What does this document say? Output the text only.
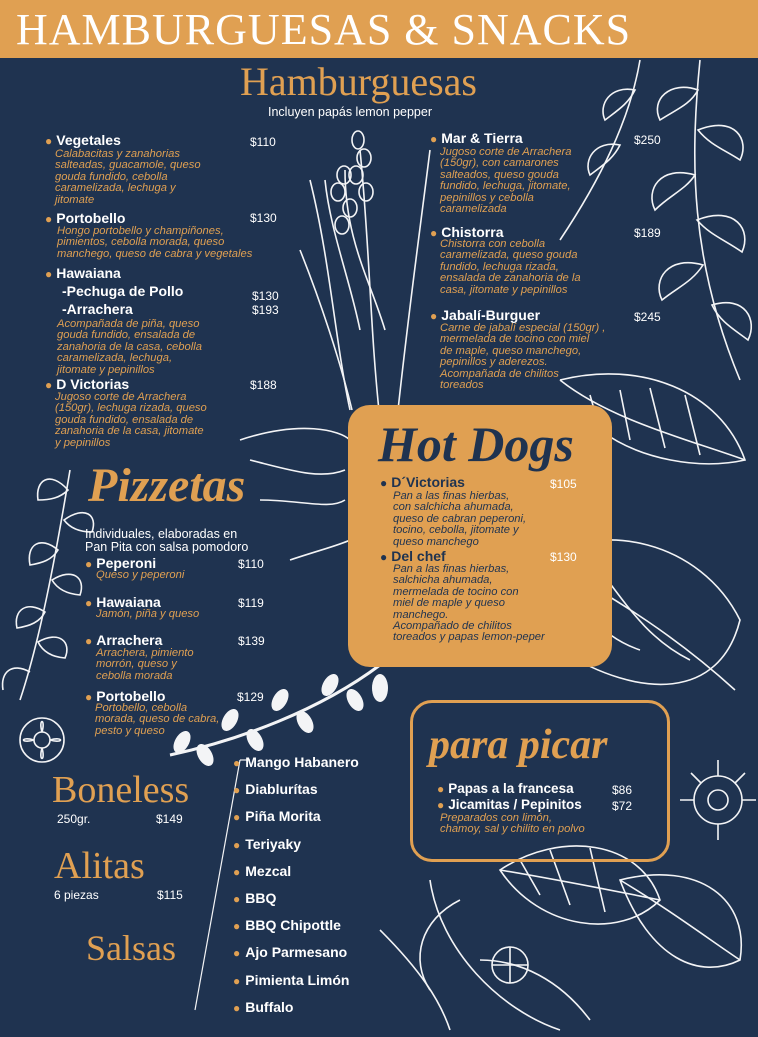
HAMBURGUESAS & SNACKS
Hamburguesas
Incluyen papás lemon pepper
● Vegetales	$110
Calabacitas y zanahorias
salteadas, guacamole, queso
gouda fundido, cebolla
caramelizada, lechuga y
jitomate
● Portobello	$130
Hongo portobello y champiñones,
pimientos, cebolla morada, queso
manchego, queso de cabra y vegetales
● Hawaiana
-Pechuga de Pollo	$130
-Arrachera	$193
Acompañada de piña, queso
gouda fundido, ensalada de
zanahoria de la casa, cebolla
caramelizada, lechuga,
jitomate y pepinillos
● D Victorias	$188
Jugoso corte de Arrachera
(150gr), lechuga rizada, queso
gouda fundido, ensalada de
zanahoria de la casa, jitomate
y pepinillos
● Mar & Tierra	$250
Jugoso corte de Arrachera
(150gr), con camarones
salteados, queso gouda
fundido, lechuga, jitomate,
pepinillos y cebolla
caramelizada
● Chistorra	$189
Chistorra con cebolla
caramelizada, queso gouda
fundido, lechuga rizada,
ensalada de zanahoria de la
casa, jitomate y pepinillos
● Jabalí-Burguer	$245
Carne de jabalí especial (150gr) ,
mermelada de tocino con miel
de maple, queso manchego,
pepinillos y aderezos.
Acompañada de chilitos
toreados
Pizzetas
Individuales, elaboradas en
Pan Pita con salsa pomodoro
● Peperoni	$110
Queso y peperoni
● Hawaiana	$119
Jamón, piña y queso
● Arrachera	$139
Arrachera, pimiento
morrón, queso y
cebolla morada
● Portobello	$129
Portobello, cebolla
morada, queso de cabra,
pesto y queso
Hot Dogs
● D´Victorias	$105
Pan a las finas hierbas,
con salchicha ahumada,
queso de cabran peperoni,
tocino, cebolla, jitomate y
queso manchego
● Del chef	$130
Pan a las finas hierbas,
salchicha ahumada,
mermelada de tocino con
miel de maple y queso
manchego.
Acompañado de chilitos
toreados y papas lemon-peper
para picar
● Papas a la francesa	$86
● Jicamitas / Pepinitos	$72
Preparados con limón,
chamoy, sal y chilito en polvo
Boneless
250gr.	$149
Alitas
6 piezas	$115
Salsas
● Mango Habanero
● Diablurítas
● Piña Morita
● Teriyaky
● Mezcal
● BBQ
● BBQ Chipottle
● Ajo Parmesano
● Pimienta Limón
● Buffalo
